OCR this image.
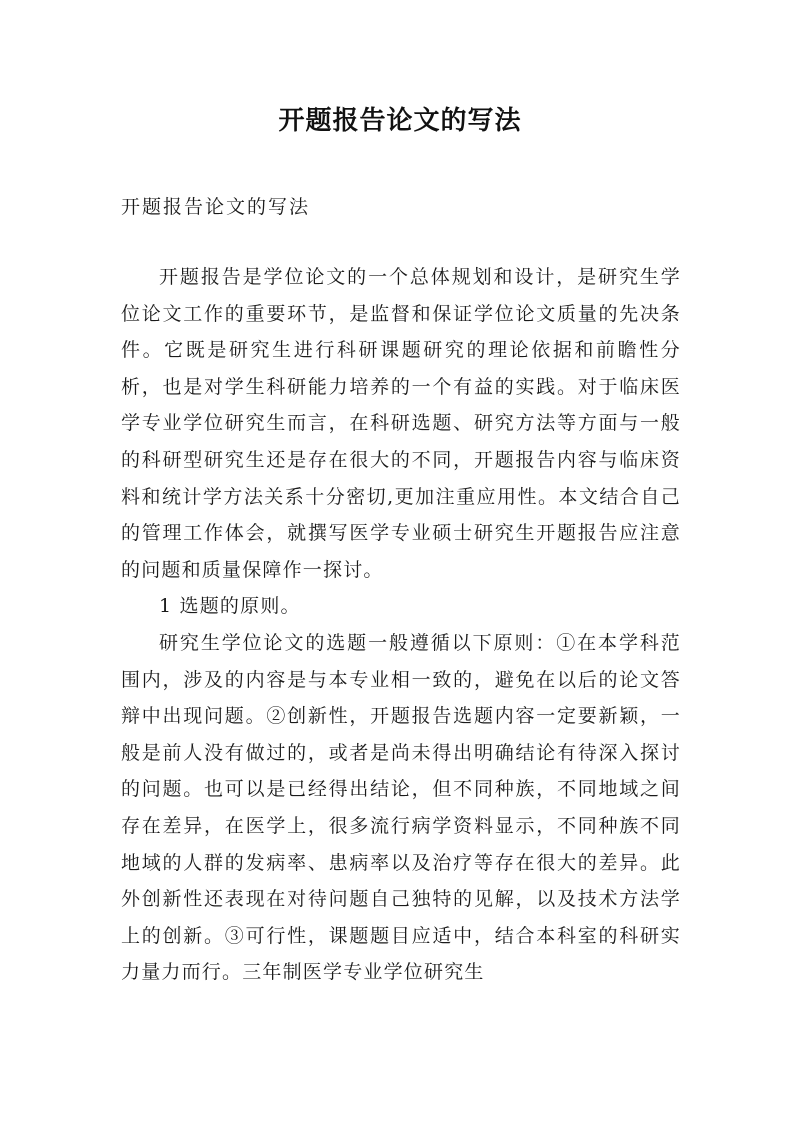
开题报告论文的写法
开题报告论文的写法

开题报告是学位论文的一个总体规划和设计，是研究生学位论文工作的重要环节，是监督和保证学位论文质量的先决条件。它既是研究生进行科研课题研究的理论依据和前瞻性分析，也是对学生科研能力培养的一个有益的实践。对于临床医学专业学位研究生而言，在科研选题、研究方法等方面与一般的科研型研究生还是存在很大的不同，开题报告内容与临床资料和统计学方法关系十分密切,更加注重应用性。本文结合自己的管理工作体会，就撰写医学专业硕士研究生开题报告应注意的问题和质量保障作一探讨。

1 选题的原则。

研究生学位论文的选题一般遵循以下原则：①在本学科范围内，涉及的内容是与本专业相一致的，避免在以后的论文答辩中出现问题。②创新性，开题报告选题内容一定要新颖，一般是前人没有做过的，或者是尚未得出明确结论有待深入探讨的问题。也可以是已经得出结论，但不同种族，不同地域之间存在差异，在医学上，很多流行病学资料显示，不同种族不同地域的人群的发病率、患病率以及治疗等存在很大的差异。此外创新性还表现在对待问题自己独特的见解，以及技术方法学上的创新。③可行性，课题题目应适中，结合本科室的科研实力量力而行。三年制医学专业学位研究生
